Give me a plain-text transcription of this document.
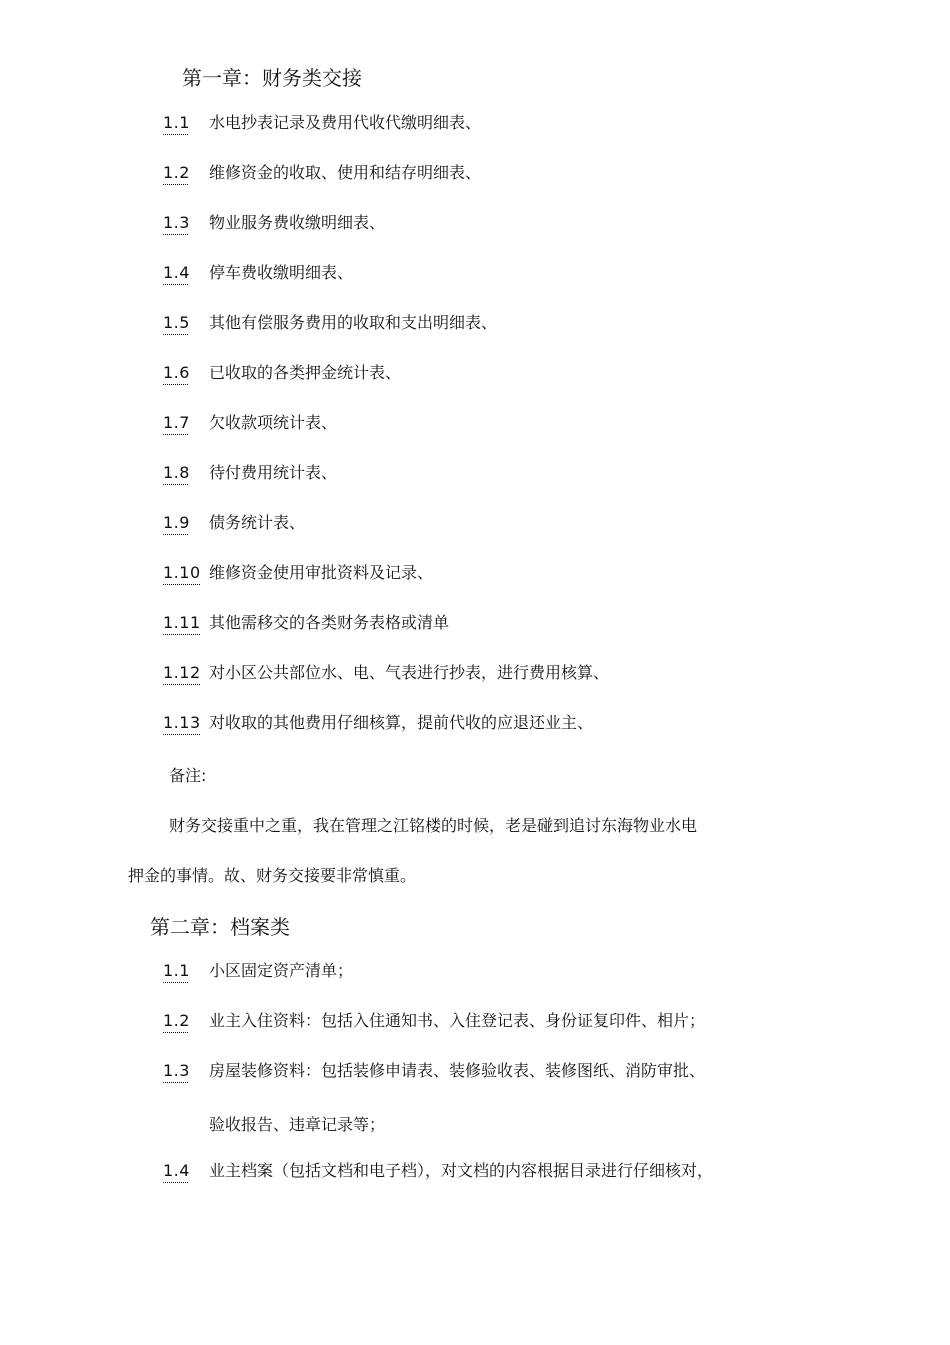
第一章：财务类交接
1.1 水电抄表记录及费用代收代缴明细表、
1.2 维修资金的收取、使用和结存明细表、
1.3 物业服务费收缴明细表、
1.4 停车费收缴明细表、
1.5 其他有偿服务费用的收取和支出明细表、
1.6 已收取的各类押金统计表、
1.7 欠收款项统计表、
1.8 待付费用统计表、
1.9 债务统计表、
1.10 维修资金使用审批资料及记录、
1.11 其他需移交的各类财务表格或清单
1.12 对小区公共部位水、电、气表进行抄表，进行费用核算、
1.13 对收取的其他费用仔细核算，提前代收的应退还业主、
备注:
财务交接重中之重，我在管理之江铭楼的时候，老是碰到追讨东海物业水电
押金的事情。故、财务交接要非常慎重。
第二章：档案类
1.1 小区固定资产清单；
1.2 业主入住资料：包括入住通知书、入住登记表、身份证复印件、相片；
1.3 房屋装修资料：包括装修申请表、装修验收表、装修图纸、消防审批、
验收报告、违章记录等；
1.4 业主档案（包括文档和电子档），对文档的内容根据目录进行仔细核对，
